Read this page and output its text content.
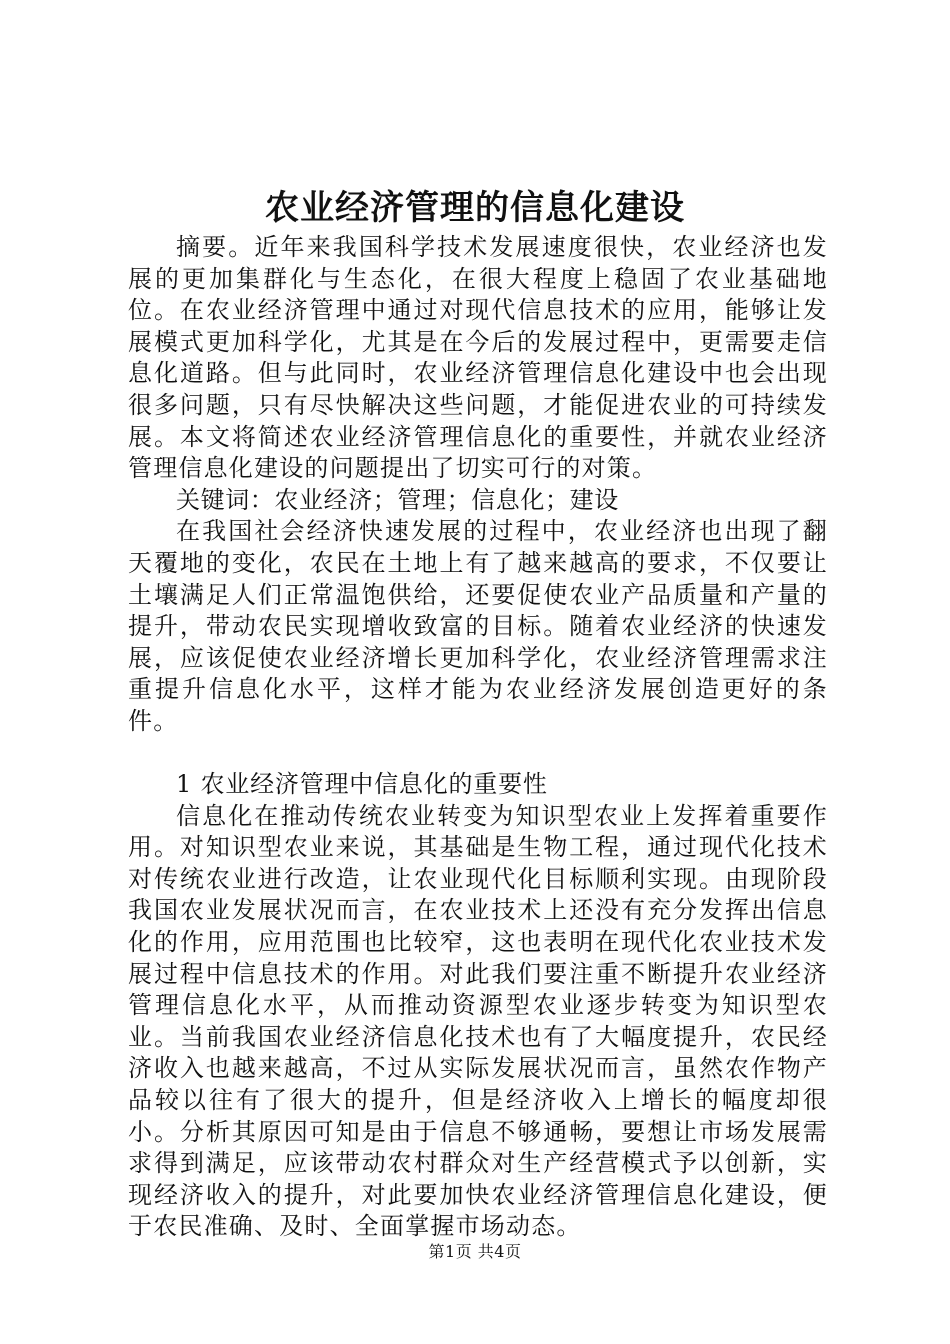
农业经济管理的信息化建设

摘要。近年来我国科学技术发展速度很快，农业经济也发展的更加集群化与生态化，在很大程度上稳固了农业基础地位。在农业经济管理中通过对现代信息技术的应用，能够让发展模式更加科学化，尤其是在今后的发展过程中，更需要走信息化道路。但与此同时，农业经济管理信息化建设中也会出现很多问题，只有尽快解决这些问题，才能促进农业的可持续发展。本文将简述农业经济管理信息化的重要性，并就农业经济管理信息化建设的问题提出了切实可行的对策。

关键词：农业经济；管理；信息化；建设

在我国社会经济快速发展的过程中，农业经济也出现了翻天覆地的变化，农民在土地上有了越来越高的要求，不仅要让土壤满足人们正常温饱供给，还要促使农业产品质量和产量的提升，带动农民实现增收致富的目标。随着农业经济的快速发展，应该促使农业经济增长更加科学化，农业经济管理需求注重提升信息化水平，这样才能为农业经济发展创造更好的条件。

1 农业经济管理中信息化的重要性

信息化在推动传统农业转变为知识型农业上发挥着重要作用。对知识型农业来说，其基础是生物工程，通过现代化技术对传统农业进行改造，让农业现代化目标顺利实现。由现阶段我国农业发展状况而言，在农业技术上还没有充分发挥出信息化的作用，应用范围也比较窄，这也表明在现代化农业技术发展过程中信息技术的作用。对此我们要注重不断提升农业经济管理信息化水平，从而推动资源型农业逐步转变为知识型农业。当前我国农业经济信息化技术也有了大幅度提升，农民经济收入也越来越高，不过从实际发展状况而言，虽然农作物产品较以往有了很大的提升，但是经济收入上增长的幅度却很小。分析其原因可知是由于信息不够通畅，要想让市场发展需求得到满足，应该带动农村群众对生产经营模式予以创新，实现经济收入的提升，对此要加快农业经济管理信息化建设，便于农民准确、及时、全面掌握市场动态。

第1页 共4页
